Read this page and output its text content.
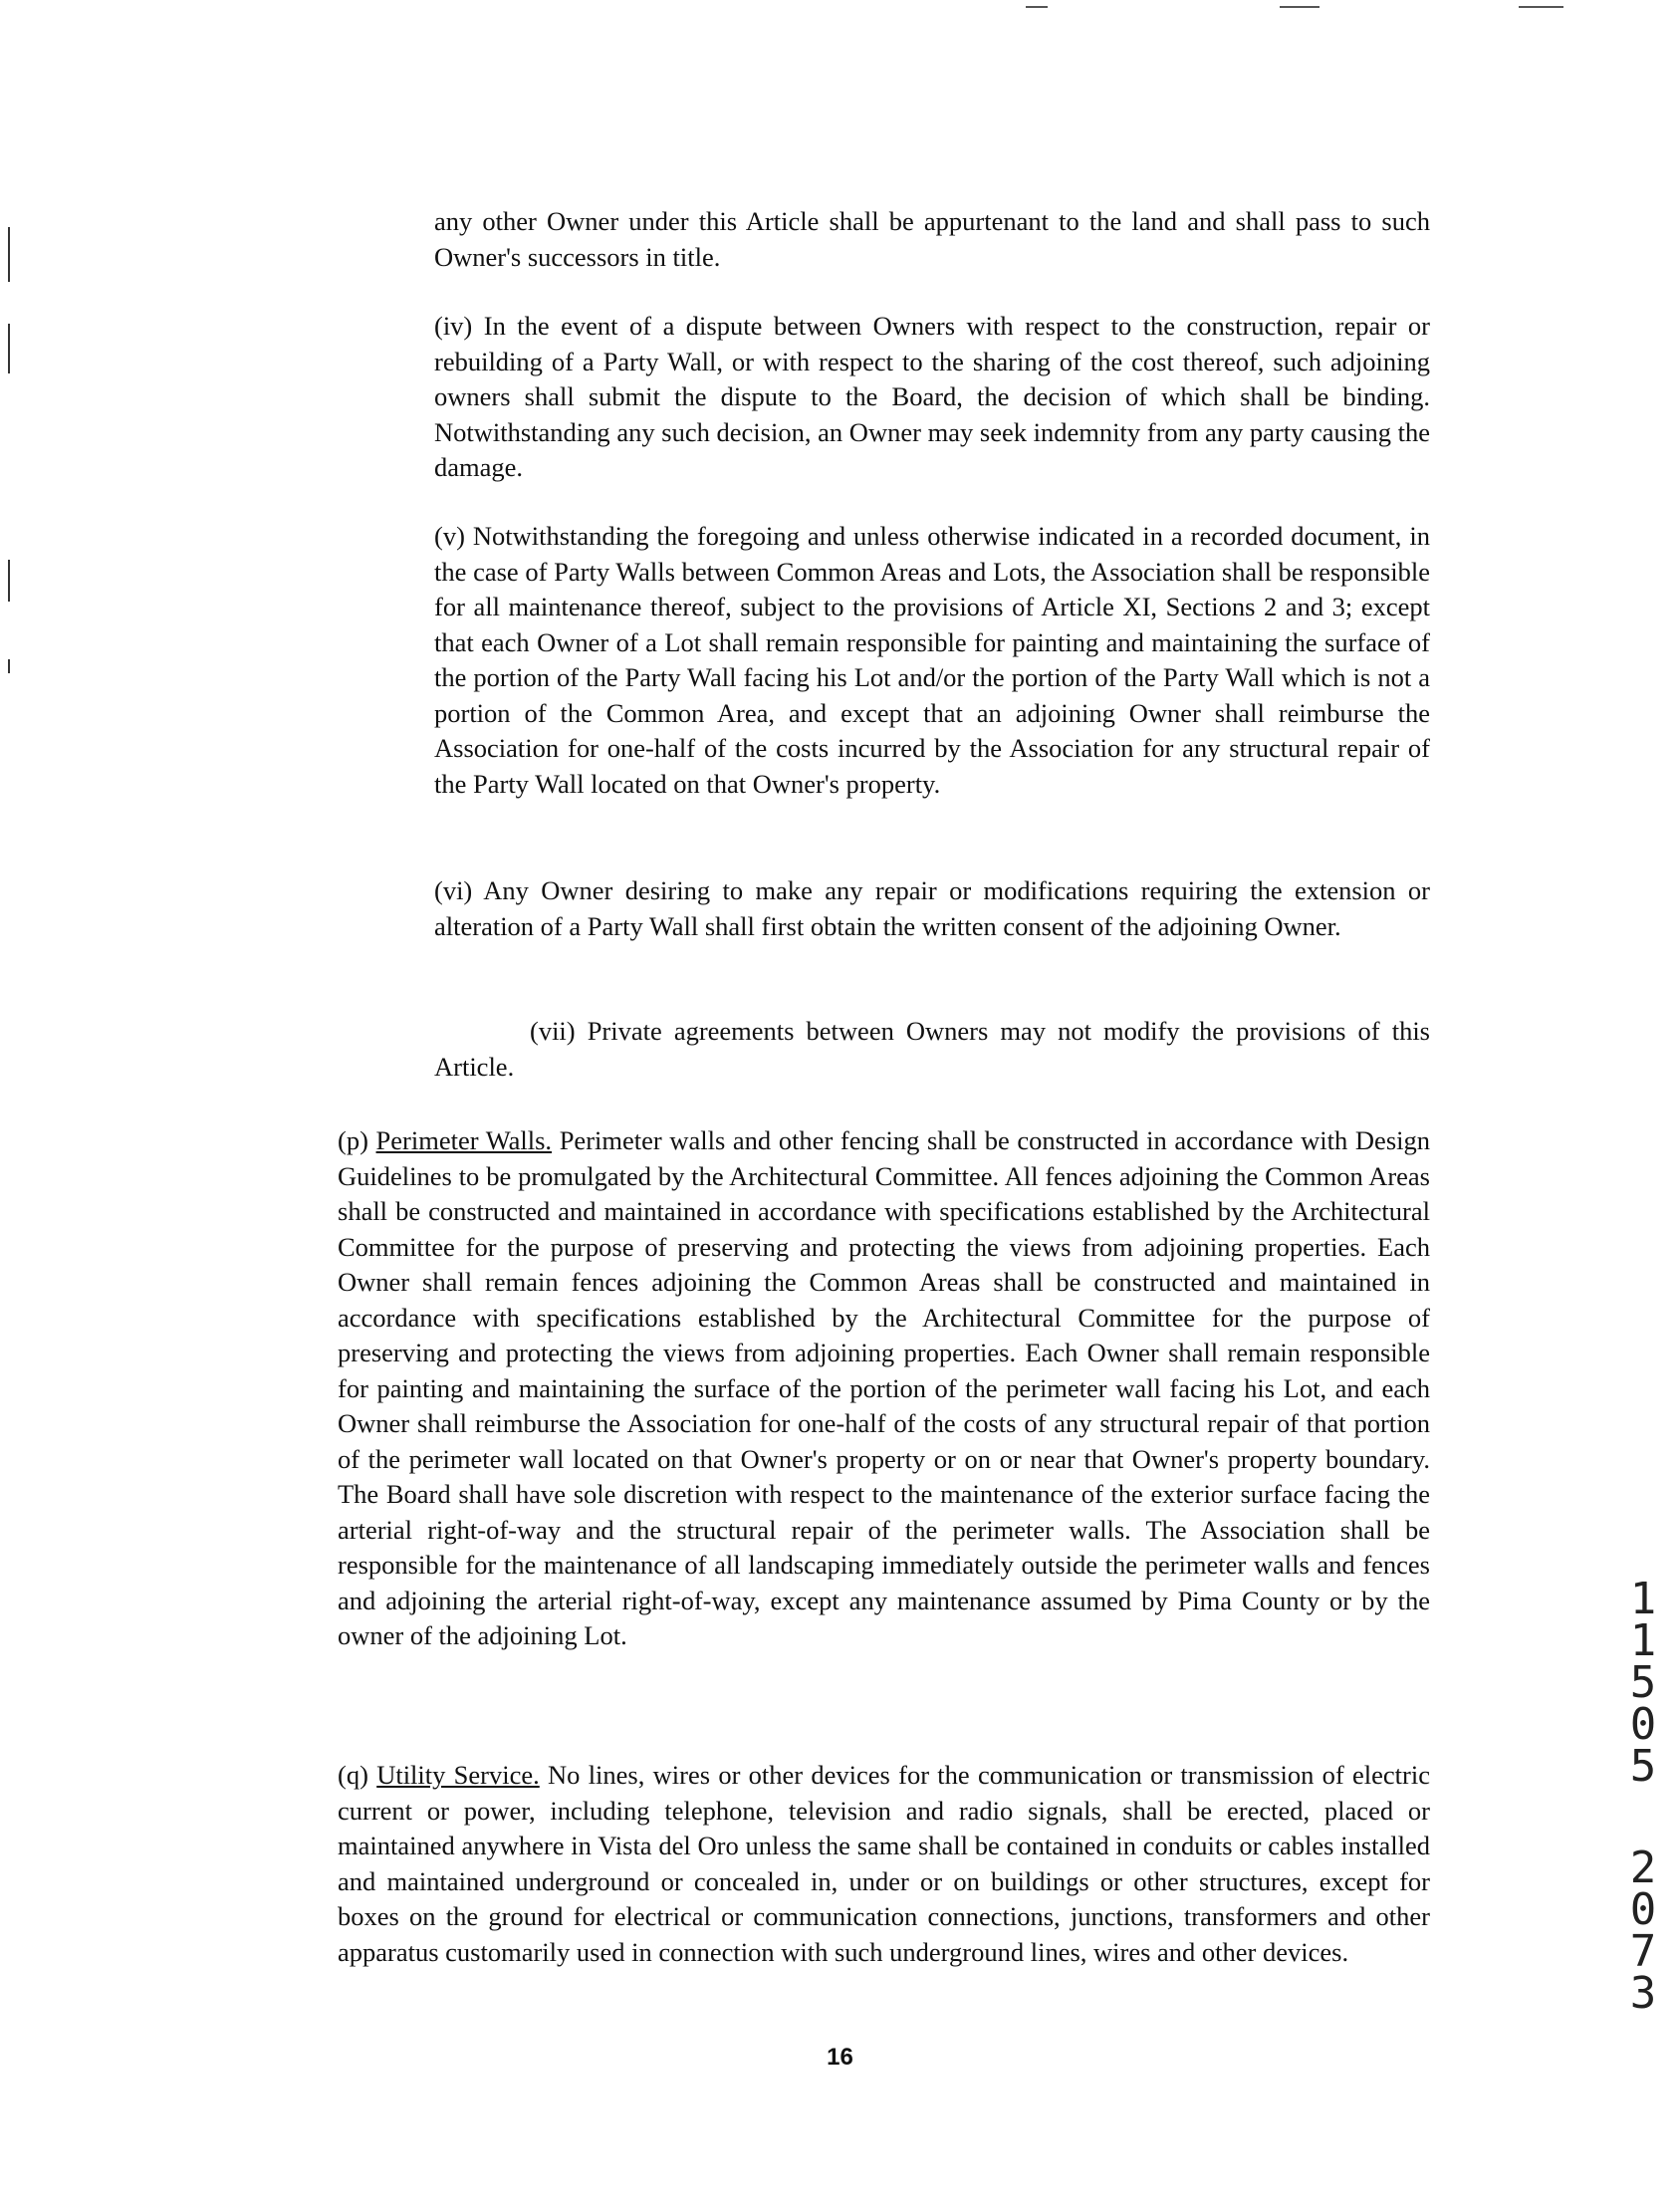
any other Owner under this Article shall be appurtenant to the land and shall pass to such Owner's successors in title.

(iv) In the event of a dispute between Owners with respect to the construction, repair or rebuilding of a Party Wall, or with respect to the sharing of the cost thereof, such adjoining owners shall submit the dispute to the Board, the decision of which shall be binding. Notwithstanding any such decision, an Owner may seek indemnity from any party causing the damage.

(v) Notwithstanding the foregoing and unless otherwise indicated in a recorded document, in the case of Party Walls between Common Areas and Lots, the Association shall be responsible for all maintenance thereof, subject to the provisions of Article XI, Sections 2 and 3; except that each Owner of a Lot shall remain responsible for painting and maintaining the surface of the portion of the Party Wall facing his Lot and/or the portion of the Party Wall which is not a portion of the Common Area, and except that an adjoining Owner shall reimburse the Association for one-half of the costs incurred by the Association for any structural repair of the Party Wall located on that Owner's property.

(vi) Any Owner desiring to make any repair or modifications requiring the extension or alteration of a Party Wall shall first obtain the written consent of the adjoining Owner.

(vii) Private agreements between Owners may not modify the provisions of this Article.

(p) Perimeter Walls. Perimeter walls and other fencing shall be constructed in accordance with Design Guidelines to be promulgated by the Architectural Committee. All fences adjoining the Common Areas shall be constructed and maintained in accordance with specifications established by the Architectural Committee for the purpose of preserving and protecting the views from adjoining properties. Each Owner shall remain fences adjoining the Common Areas shall be constructed and maintained in accordance with specifications established by the Architectural Committee for the purpose of preserving and protecting the views from adjoining properties. Each Owner shall remain responsible for painting and maintaining the surface of the portion of the perimeter wall facing his Lot, and each Owner shall reimburse the Association for one-half of the costs of any structural repair of that portion of the perimeter wall located on that Owner's property or on or near that Owner's property boundary. The Board shall have sole discretion with respect to the maintenance of the exterior surface facing the arterial right-of-way and the structural repair of the perimeter walls. The Association shall be responsible for the maintenance of all landscaping immediately outside the perimeter walls and fences and adjoining the arterial right-of-way, except any maintenance assumed by Pima County or by the owner of the adjoining Lot.

(q) Utility Service. No lines, wires or other devices for the communication or transmission of electric current or power, including telephone, television and radio signals, shall be erected, placed or maintained anywhere in Vista del Oro unless the same shall be contained in conduits or cables installed and maintained underground or concealed in, under or on buildings or other structures, except for boxes on the ground for electrical or communication connections, junctions, transformers and other apparatus customarily used in connection with such underground lines, wires and other devices.

16
11505
2073
